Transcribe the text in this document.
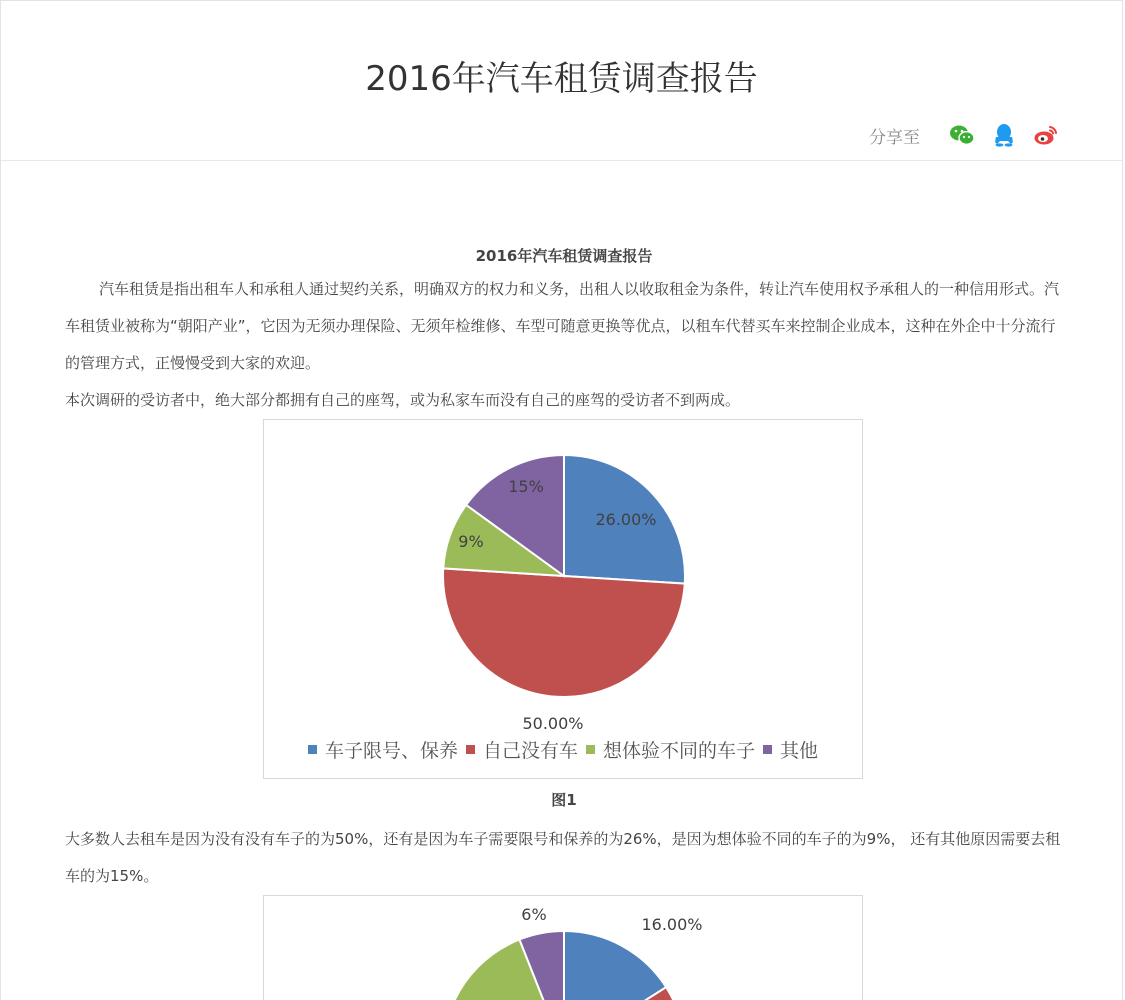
2016年汽车租赁调查报告
分享至
2016年汽车租赁调查报告

汽车租赁是指出租车人和承租人通过契约关系，明确双方的权力和义务，出租人以收取租金为条件，转让汽车使用权予承租人的一种信用形式。汽车租赁业被称为“朝阳产业”，它因为无须办理保险、无须年检维修、车型可随意更换等优点，以租车代替买车来控制企业成本，这种在外企中十分流行的管理方式，正慢慢受到大家的欢迎。

本次调研的受访者中，绝大部分都拥有自己的座驾，或为私家车而没有自己的座驾的受访者不到两成。

26.00%
50.00%
9%
15%
车子限号、保养 自己没有车 想体验不同的车子 其他
图1

大多数人去租车是因为没有没有车子的为50%，还有是因为车子需要限号和保养的为26%，是因为想体验不同的车子的为9%， 还有其他原因需要去租车的为15%。

16.00%
6%
